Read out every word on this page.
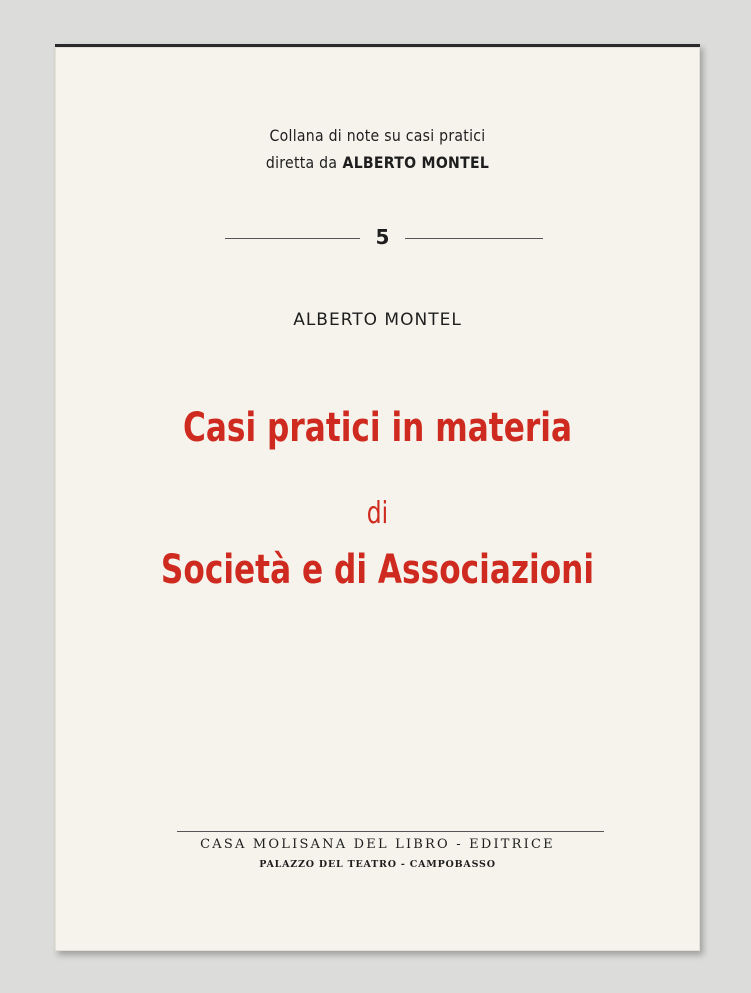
Collana di note su casi pratici
diretta da ALBERTO MONTEL
5
ALBERTO MONTEL
Casi pratici in materia
di
Società e di Associazioni
CASA MOLISANA DEL LIBRO - EDITRICE
PALAZZO DEL TEATRO - CAMPOBASSO
